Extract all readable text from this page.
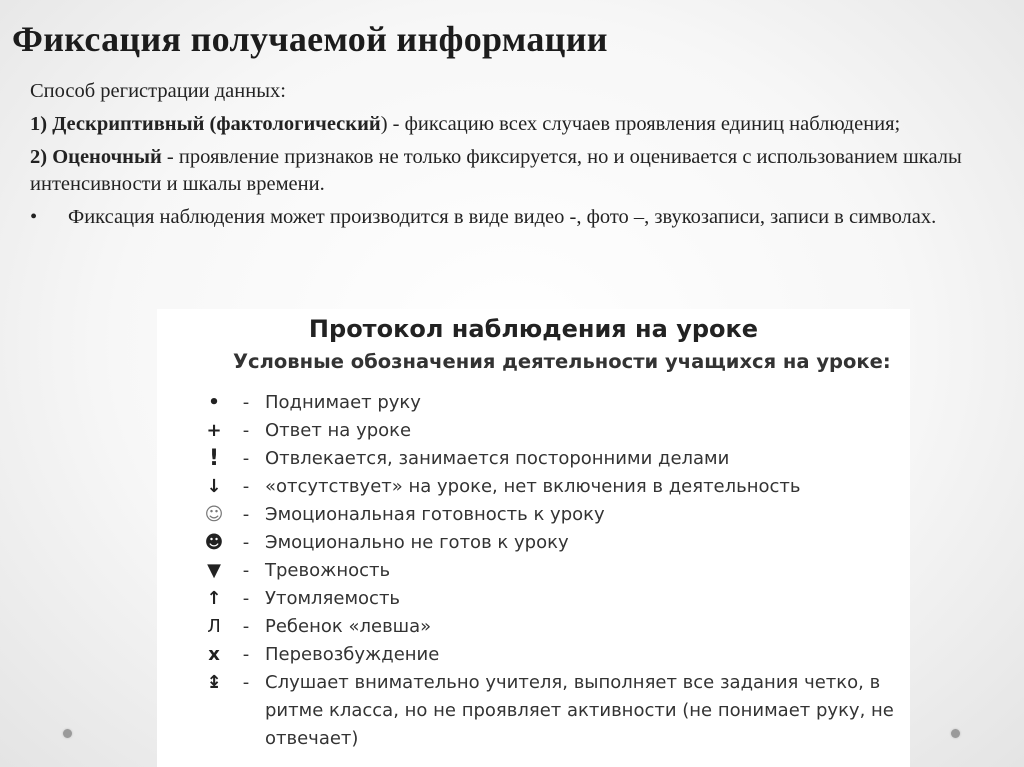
Фиксация получаемой информации

Способ регистрации данных:

1) Дескриптивный (фактологический) - фиксацию всех случаев проявления единиц наблюдения;

2) Оценочный - проявление признаков не только фиксируется, но и оценивается с использованием шкалы интенсивности и шкалы времени.

•	Фиксация наблюдения может производится в виде видео -, фото –, звукозаписи, записи в символах.
Протокол наблюдения на уроке
Условные обозначения деятельности учащихся на уроке:
•	- Поднимает руку
+	- Ответ на уроке
!	- Отвлекается, занимается посторонними делами
↓	- «отсутствует» на уроке, нет включения в деятельность
☺	- Эмоциональная готовность к уроку
☻	- Эмоционально не готов к уроку
▼	- Тревожность
↑	- Утомляемость
Л	- Ребенок «левша»
x	- Перевозбуждение
↨	- Слушает внимательно учителя, выполняет все задания четко, в ритме класса, но не проявляет активности (не понимает руку, не отвечает)
